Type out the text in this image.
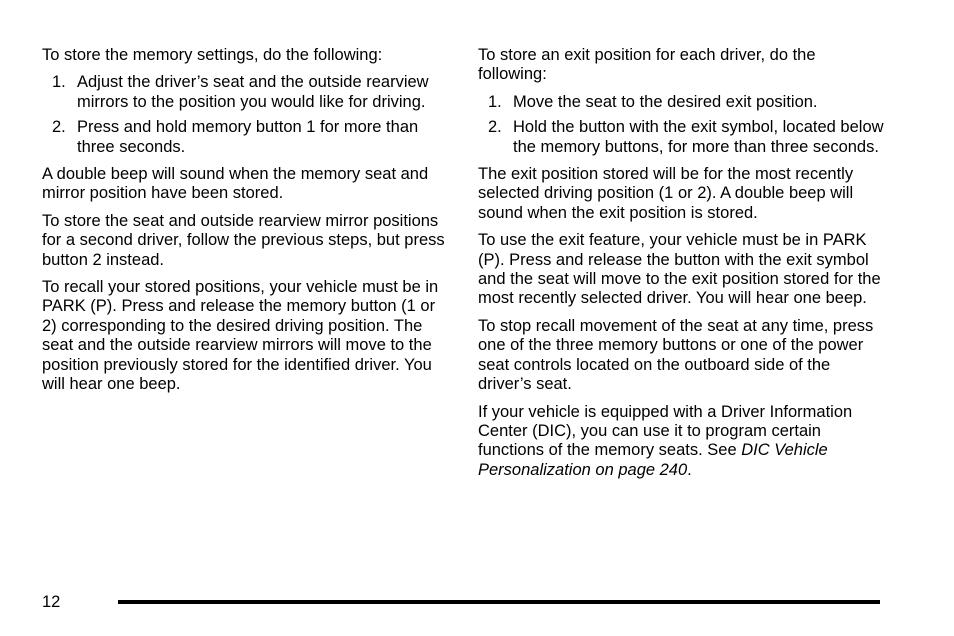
To store the memory settings, do the following:

1. Adjust the driver’s seat and the outside rearview mirrors to the position you would like for driving.
2. Press and hold memory button 1 for more than three seconds.

A double beep will sound when the memory seat and mirror position have been stored.

To store the seat and outside rearview mirror positions for a second driver, follow the previous steps, but press button 2 instead.

To recall your stored positions, your vehicle must be in PARK (P). Press and release the memory button (1 or 2) corresponding to the desired driving position. The seat and the outside rearview mirrors will move to the position previously stored for the identified driver. You will hear one beep.

To store an exit position for each driver, do the following:

1. Move the seat to the desired exit position.
2. Hold the button with the exit symbol, located below the memory buttons, for more than three seconds.

The exit position stored will be for the most recently selected driving position (1 or 2). A double beep will sound when the exit position is stored.

To use the exit feature, your vehicle must be in PARK (P). Press and release the button with the exit symbol and the seat will move to the exit position stored for the most recently selected driver. You will hear one beep.

To stop recall movement of the seat at any time, press one of the three memory buttons or one of the power seat controls located on the outboard side of the driver’s seat.

If your vehicle is equipped with a Driver Information Center (DIC), you can use it to program certain functions of the memory seats. See DIC Vehicle Personalization on page 240.

12
